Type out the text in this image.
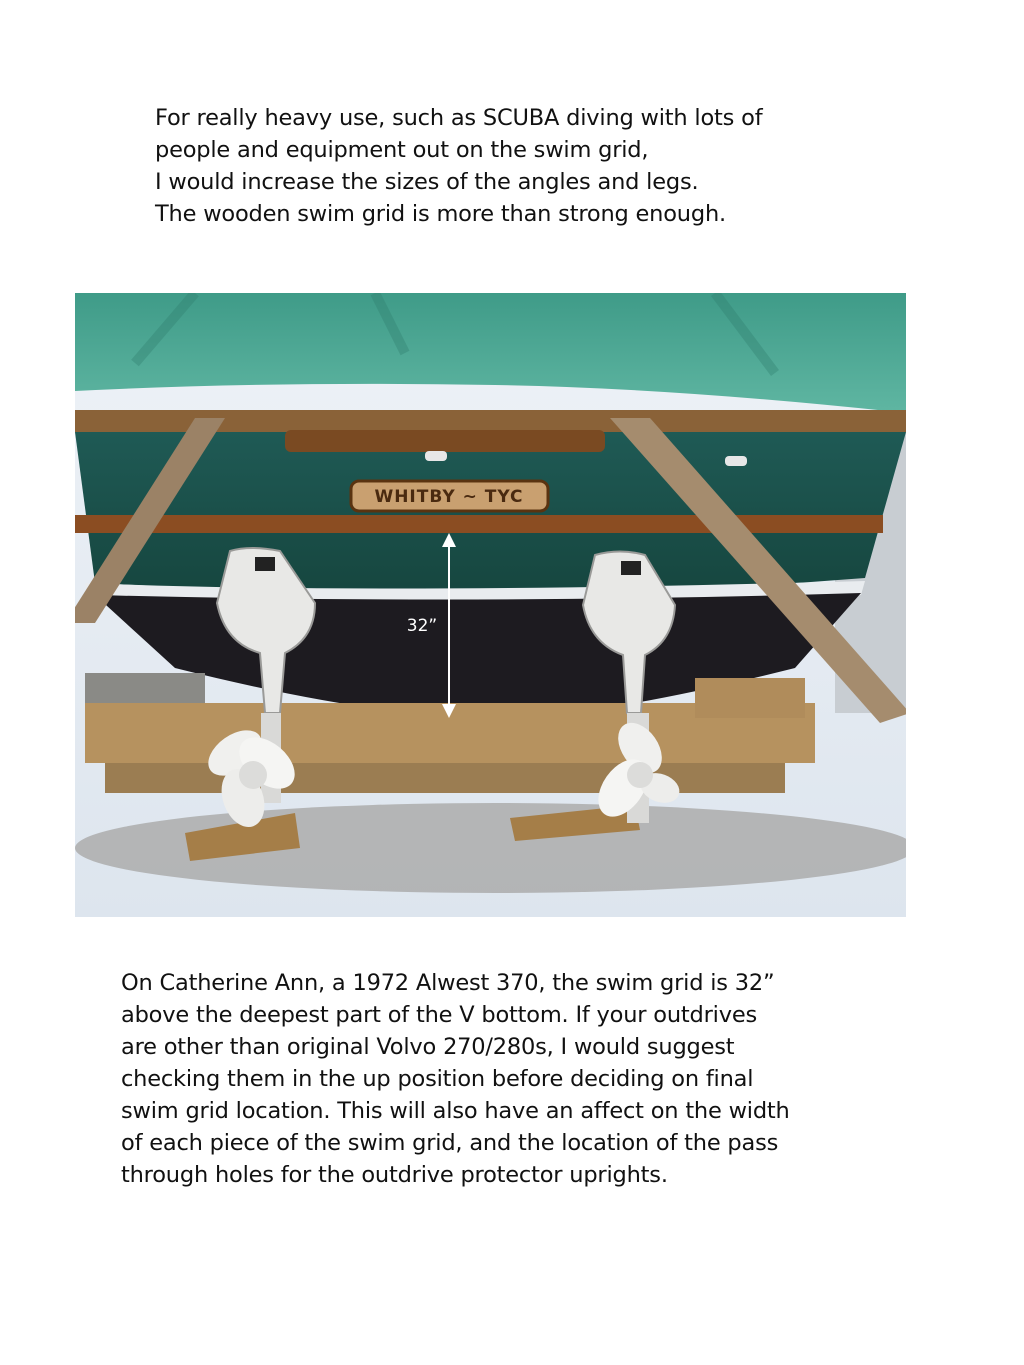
For really heavy use, such as SCUBA diving with lots of
people and equipment out on the swim grid,
I would increase the sizes of the angles and legs.
The wooden swim grid is more than strong enough.
WHITBY ~ TYC
32”
On Catherine Ann, a 1972 Alwest 370, the swim grid is 32”
above the deepest part of the V bottom. If your outdrives
are other than original Volvo 270/280s, I would suggest
checking them in the up position before deciding on final
swim grid location. This will also have an affect on the width
of each piece of the swim grid, and the location of the pass
through holes for the outdrive protector uprights.
